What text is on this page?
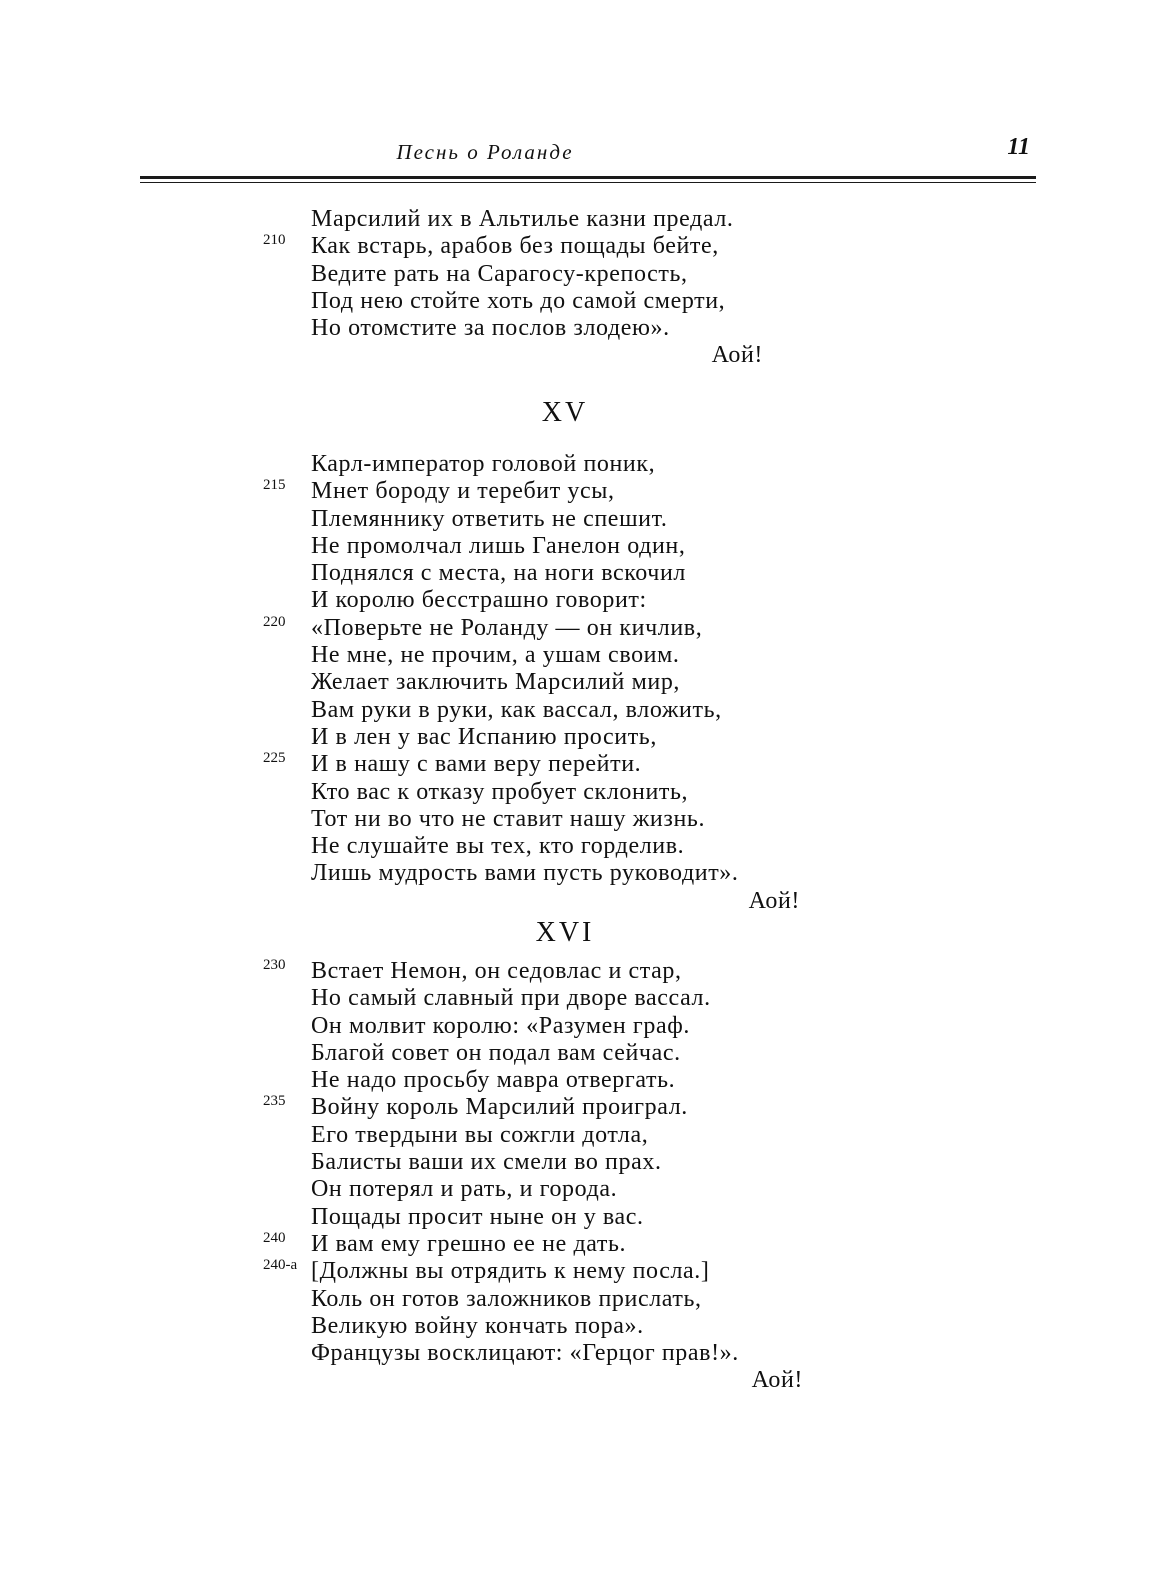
Песнь о Роланде	11
Марсилий их в Альтилье казни предал.
210 Как встарь, арабов без пощады бейте,
Ведите рать на Сарагосу-крепость,
Под нею стойте хоть до самой смерти,
Но отомстите за послов злодею».
Аой!
XV
Карл-император головой поник,
215 Мнет бороду и теребит усы,
Племяннику ответить не спешит.
Не промолчал лишь Ганелон один,
Поднялся с места, на ноги вскочил
И королю бесстрашно говорит:
220 «Поверьте не Роланду — он кичлив,
Не мне, не прочим, а ушам своим.
Желает заключить Марсилий мир,
Вам руки в руки, как вассал, вложить,
И в лен у вас Испанию просить,
225 И в нашу с вами веру перейти.
Кто вас к отказу пробует склонить,
Тот ни во что не ставит нашу жизнь.
Не слушайте вы тех, кто горделив.
Лишь мудрость вами пусть руководит».
Аой!
XVI
230 Встает Немон, он седовлас и стар,
Но самый славный при дворе вассал.
Он молвит королю: «Разумен граф.
Благой совет он подал вам сейчас.
Не надо просьбу мавра отвергать.
235 Войну король Марсилий проиграл.
Его твердыни вы сожгли дотла,
Балисты ваши их смели во прах.
Он потерял и рать, и города.
Пощады просит ныне он у вас.
240 И вам ему грешно ее не дать.
240-а [Должны вы отрядить к нему посла.]
Коль он готов заложников прислать,
Великую войну кончать пора».
Французы восклицают: «Герцог прав!».
Аой!
